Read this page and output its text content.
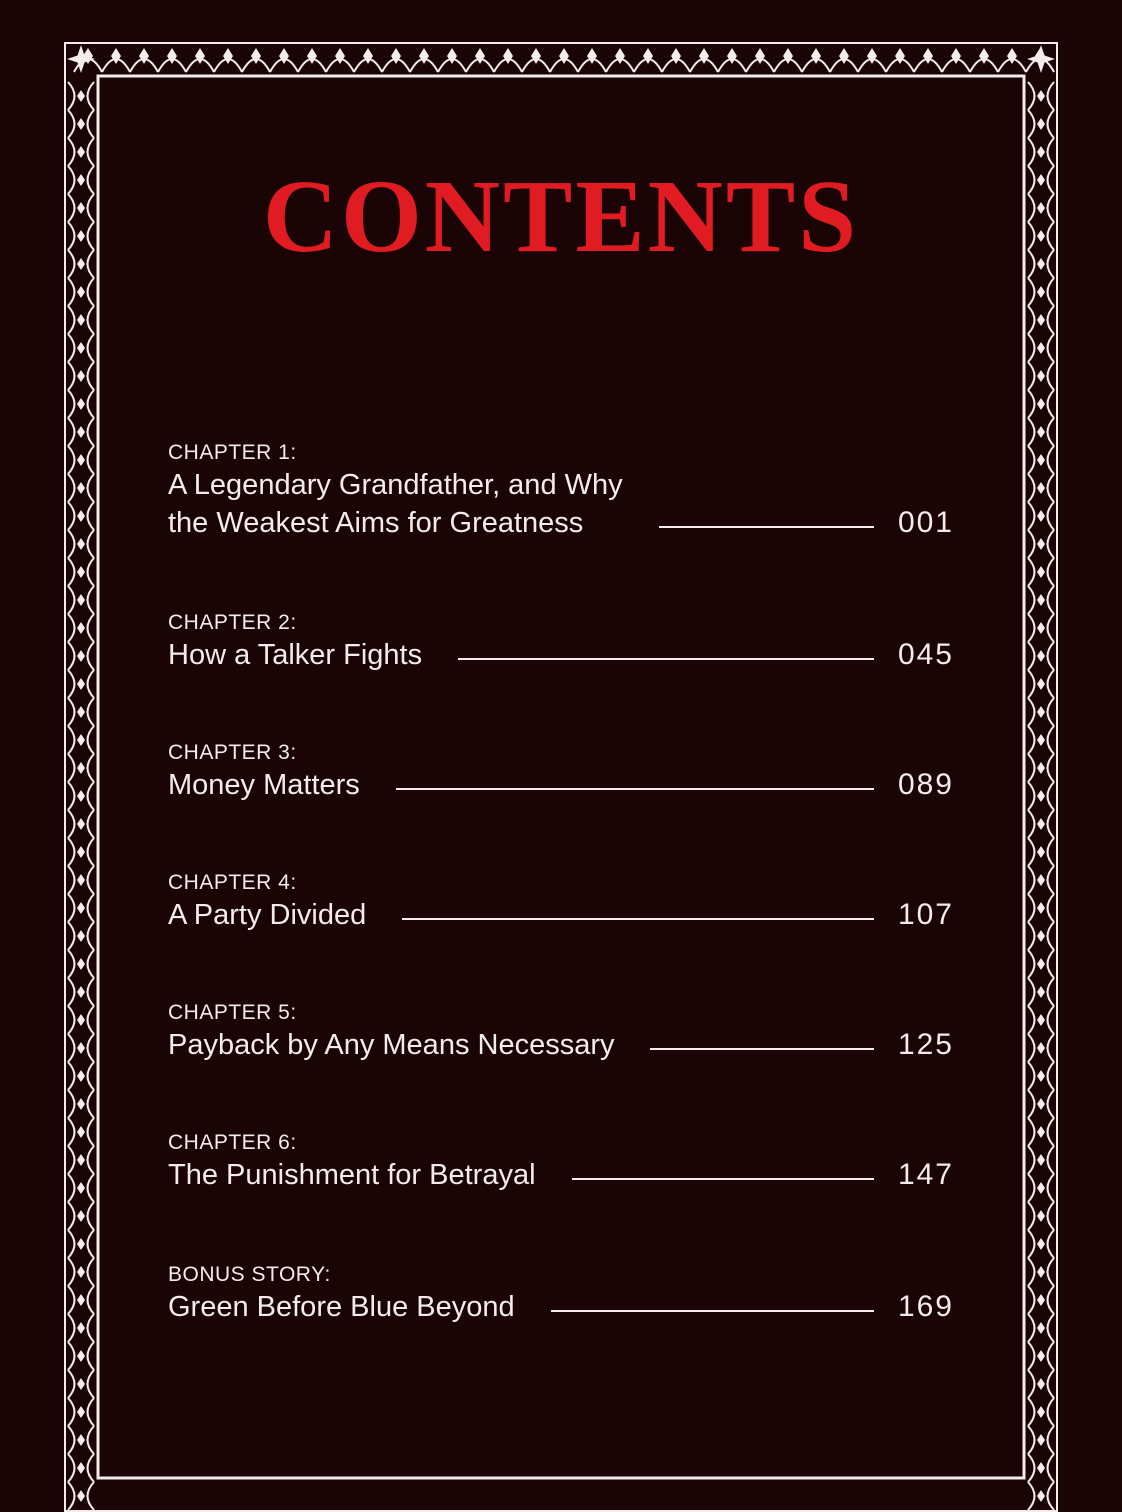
CONTENTS
CHAPTER 1:
A Legendary Grandfather, and Why
the Weakest Aims for Greatness	001
CHAPTER 2:
How a Talker Fights	045
CHAPTER 3:
Money Matters	089
CHAPTER 4:
A Party Divided	107
CHAPTER 5:
Payback by Any Means Necessary	125
CHAPTER 6:
The Punishment for Betrayal	147
BONUS STORY:
Green Before Blue Beyond	169
